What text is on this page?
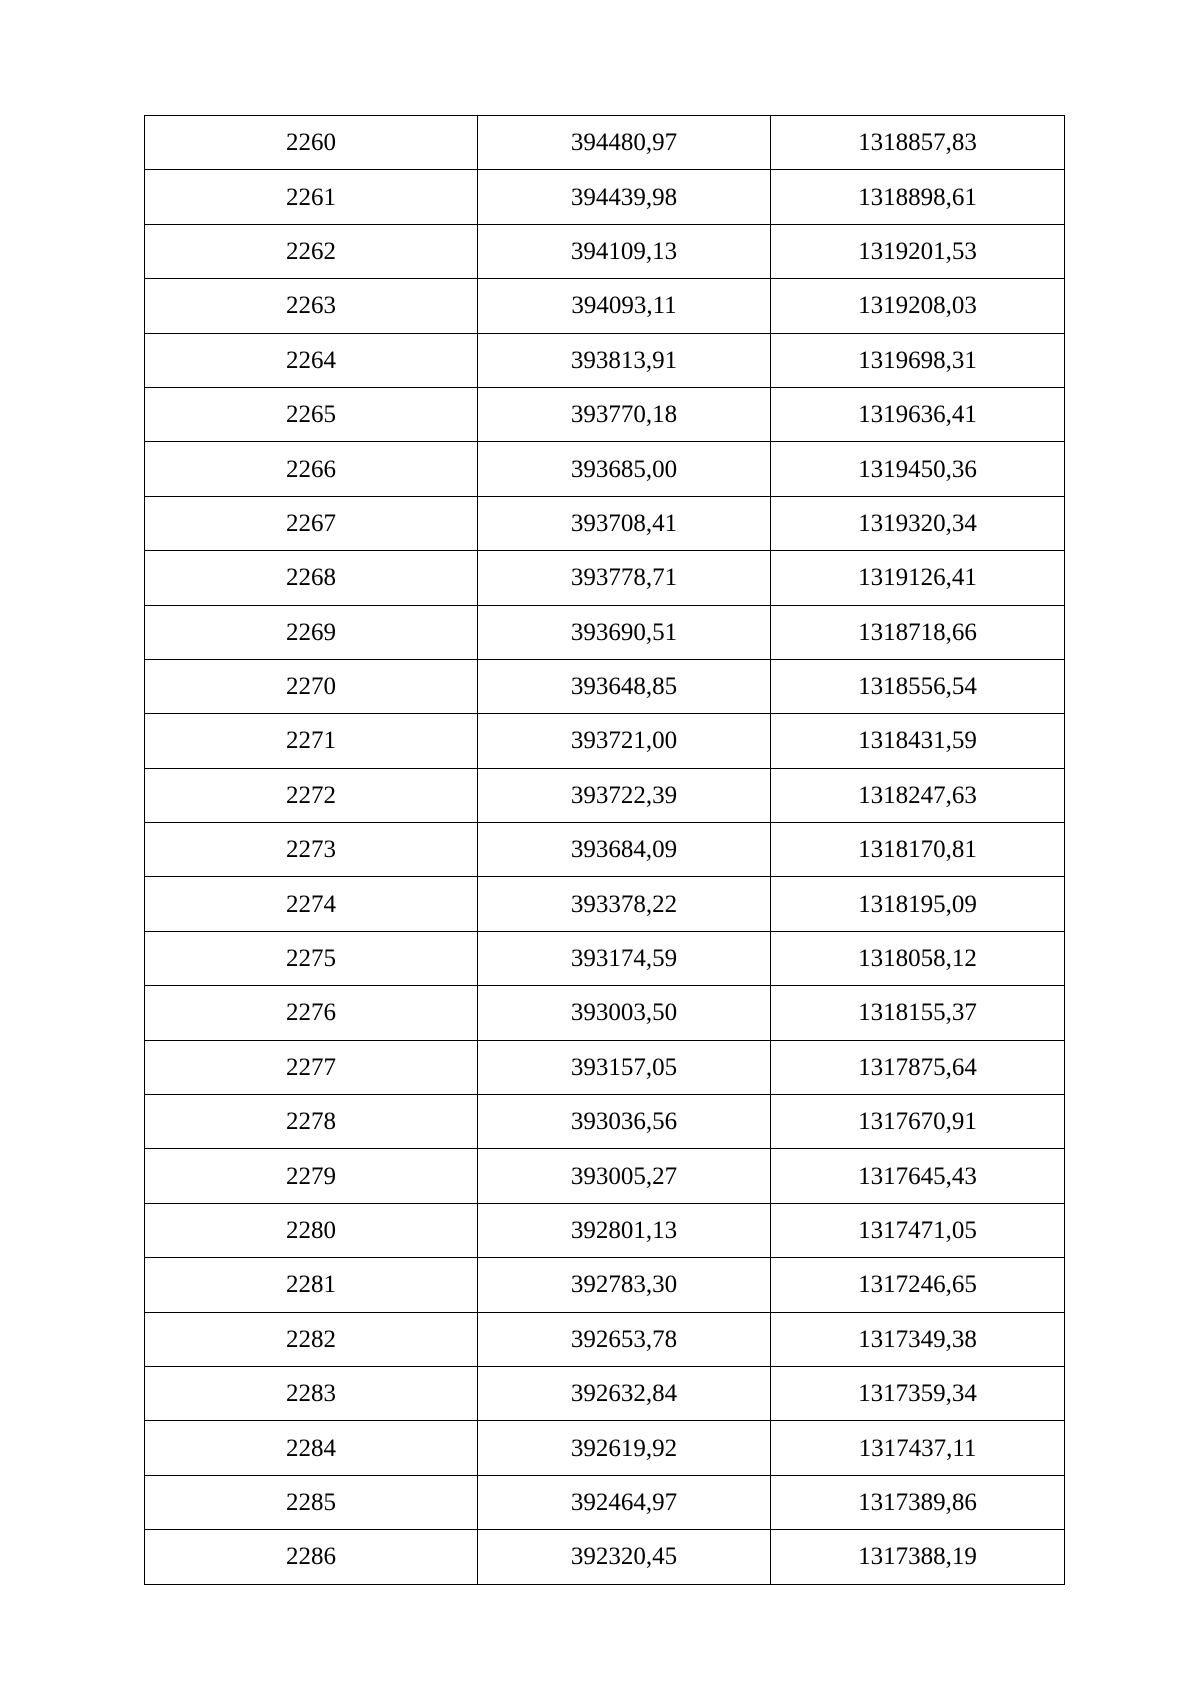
2260	394480,97	1318857,83
2261	394439,98	1318898,61
2262	394109,13	1319201,53
2263	394093,11	1319208,03
2264	393813,91	1319698,31
2265	393770,18	1319636,41
2266	393685,00	1319450,36
2267	393708,41	1319320,34
2268	393778,71	1319126,41
2269	393690,51	1318718,66
2270	393648,85	1318556,54
2271	393721,00	1318431,59
2272	393722,39	1318247,63
2273	393684,09	1318170,81
2274	393378,22	1318195,09
2275	393174,59	1318058,12
2276	393003,50	1318155,37
2277	393157,05	1317875,64
2278	393036,56	1317670,91
2279	393005,27	1317645,43
2280	392801,13	1317471,05
2281	392783,30	1317246,65
2282	392653,78	1317349,38
2283	392632,84	1317359,34
2284	392619,92	1317437,11
2285	392464,97	1317389,86
2286	392320,45	1317388,19
